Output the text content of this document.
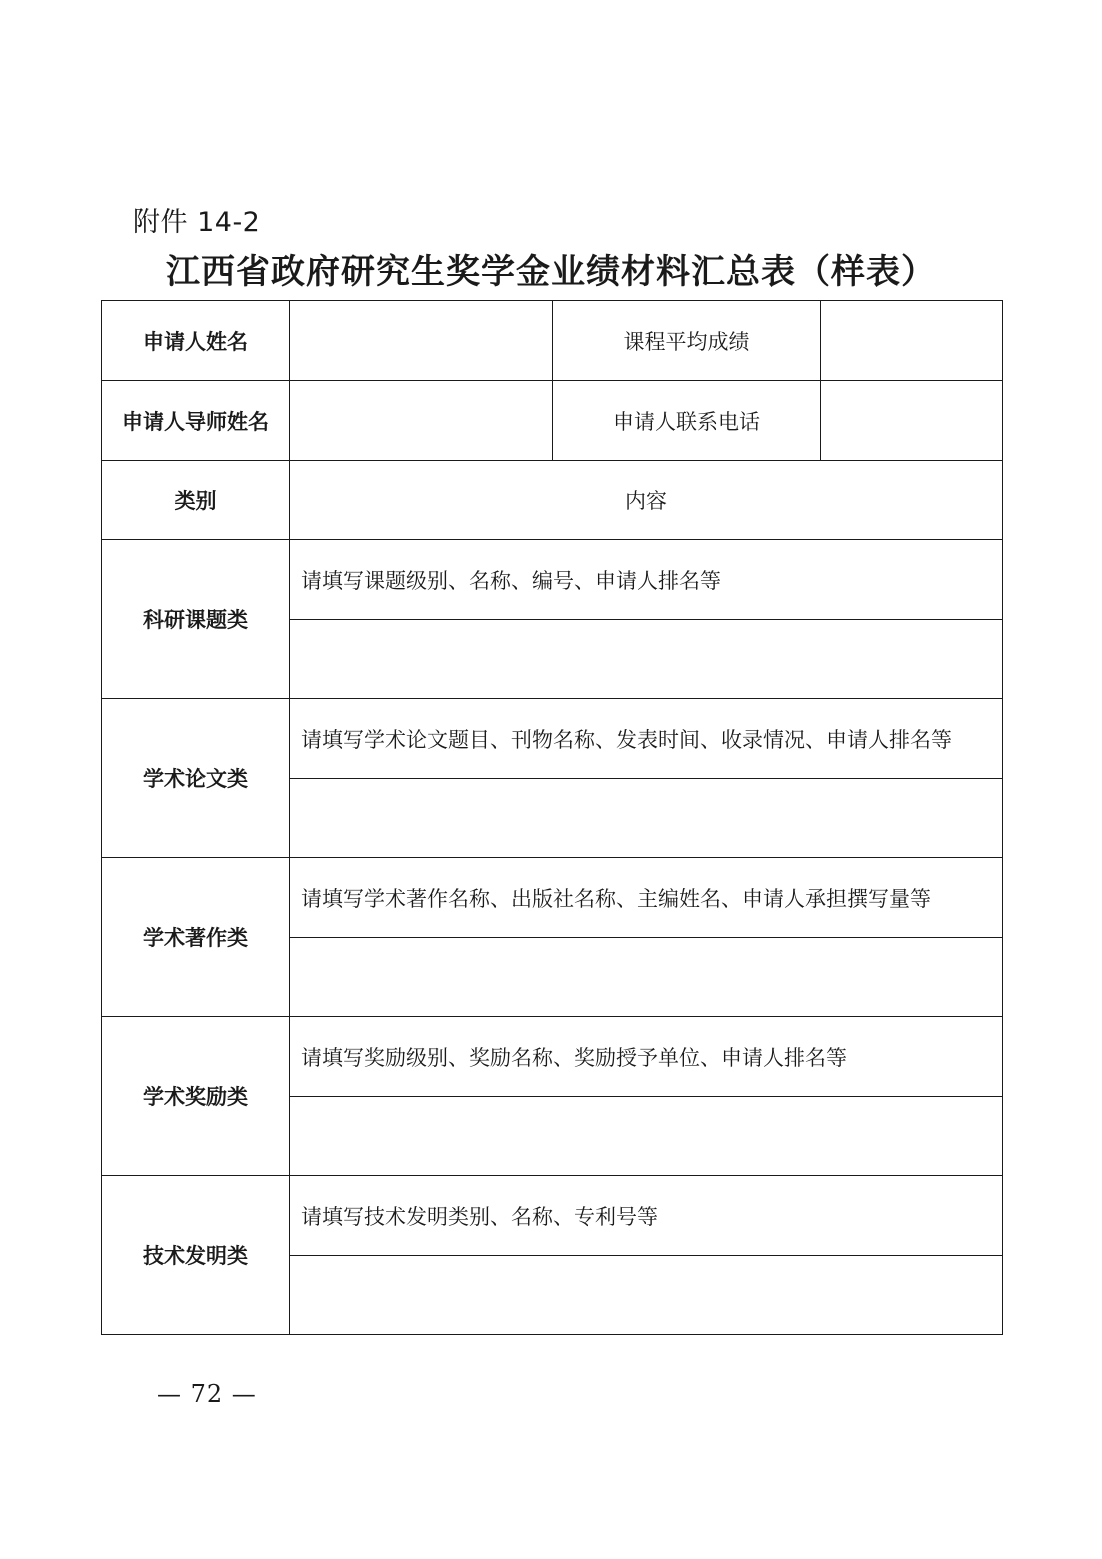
附件 14-2
江西省政府研究生奖学金业绩材料汇总表（样表）
申请人姓名		课程平均成绩	
申请人导师姓名		申请人联系电话	
类别	内容		
科研课题类	请填写课题级别、名称、编号、申请人排名等		

学术论文类	请填写学术论文题目、刊物名称、发表时间、收录情况、申请人排名等		

学术著作类	请填写学术著作名称、出版社名称、主编姓名、申请人承担撰写量等		

学术奖励类	请填写奖励级别、奖励名称、奖励授予单位、申请人排名等		

技术发明类	请填写技术发明类别、名称、专利号等		

— 72 —
